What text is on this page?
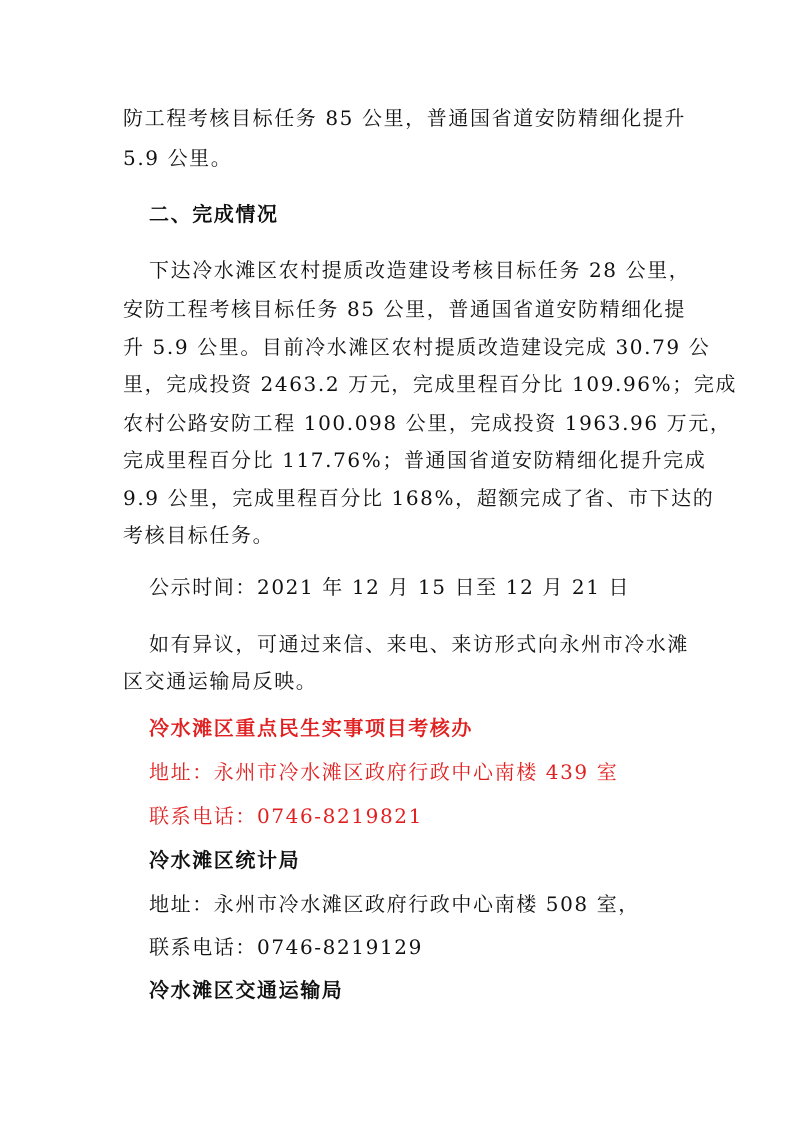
防工程考核目标任务 85 公里，普通国省道安防精细化提升
5.9 公里。
二、完成情况
下达冷水滩区农村提质改造建设考核目标任务 28 公里，
安防工程考核目标任务 85 公里，普通国省道安防精细化提
升 5.9 公里。目前冷水滩区农村提质改造建设完成 30.79 公
里，完成投资 2463.2 万元，完成里程百分比 109.96%；完成
农村公路安防工程 100.098 公里，完成投资 1963.96 万元，
完成里程百分比 117.76%；普通国省道安防精细化提升完成
9.9 公里，完成里程百分比 168%，超额完成了省、市下达的
考核目标任务。
公示时间：2021 年 12 月 15 日至 12 月 21 日
如有异议，可通过来信、来电、来访形式向永州市冷水滩
区交通运输局反映。
冷水滩区重点民生实事项目考核办
地址：永州市冷水滩区政府行政中心南楼 439 室
联系电话：0746-8219821
冷水滩区统计局
地址：永州市冷水滩区政府行政中心南楼 508 室，
联系电话：0746-8219129
冷水滩区交通运输局
